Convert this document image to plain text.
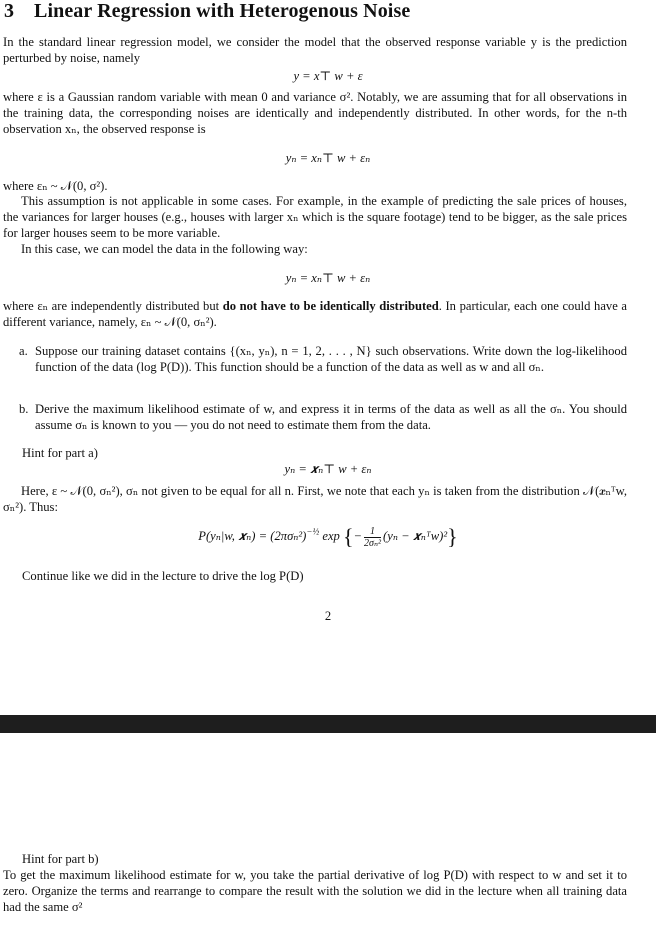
3 Linear Regression with Heterogenous Noise

In the standard linear regression model, we consider the model that the observed response variable y is the prediction perturbed by noise, namely

y = x⊤ w + ε

where ε is a Gaussian random variable with mean 0 and variance σ². Notably, we are assuming that for all observations in the training data, the corresponding noises are identically and independently distributed. In other words, for the n-th observation xₙ, the observed response is

yₙ = xₙ⊤ w + εₙ

where εₙ ~ 𝒩(0, σ²).

This assumption is not applicable in some cases. For example, in the example of predicting the sale prices of houses, the variances for larger houses (e.g., houses with larger xₙ which is the square footage) tend to be bigger, as the sale prices for larger houses seem to be more variable.

In this case, we can model the data in the following way:

yₙ = xₙ⊤ w + εₙ

where εₙ are independently distributed but do not have to be identically distributed. In particular, each one could have a different variance, namely, εₙ ~ 𝒩(0, σₙ²).

a. Suppose our training dataset contains {(xₙ, yₙ), n = 1, 2, . . . , N} such observations. Write down the log-likelihood function of the data (log P(D)). This function should be a function of the data as well as w and all σₙ.

b. Derive the maximum likelihood estimate of w, and express it in terms of the data as well as all the σₙ. You should assume σₙ is known to you — you do not need to estimate them from the data.

Hint for part a)

yₙ = 𝒙ₙ⊤ w + εₙ

Here, ε ~ 𝒩(0, σₙ²), σₙ not given to be equal for all n. First, we note that each yₙ is taken from the distribution 𝒩(𝒙ₙᵀw, σₙ²). Thus:

P(yₙ|w, 𝒙ₙ) = $(2\pi\sigma_n^2)^{-\frac{1}{2}}$ exp {− $\frac{1}{\text{2σₙ²}} (y_n$ − 𝒙ₙᵀw)²}

Continue like we did in the lecture to drive the log P(D)

2

Hint for part b)

To get the maximum likelihood estimate for w, you take the partial derivative of log P(D) with respect to w and set it to zero. Organize the terms and rearrange to compare the result with the solution we did in the lecture when all training data had the same σ²
